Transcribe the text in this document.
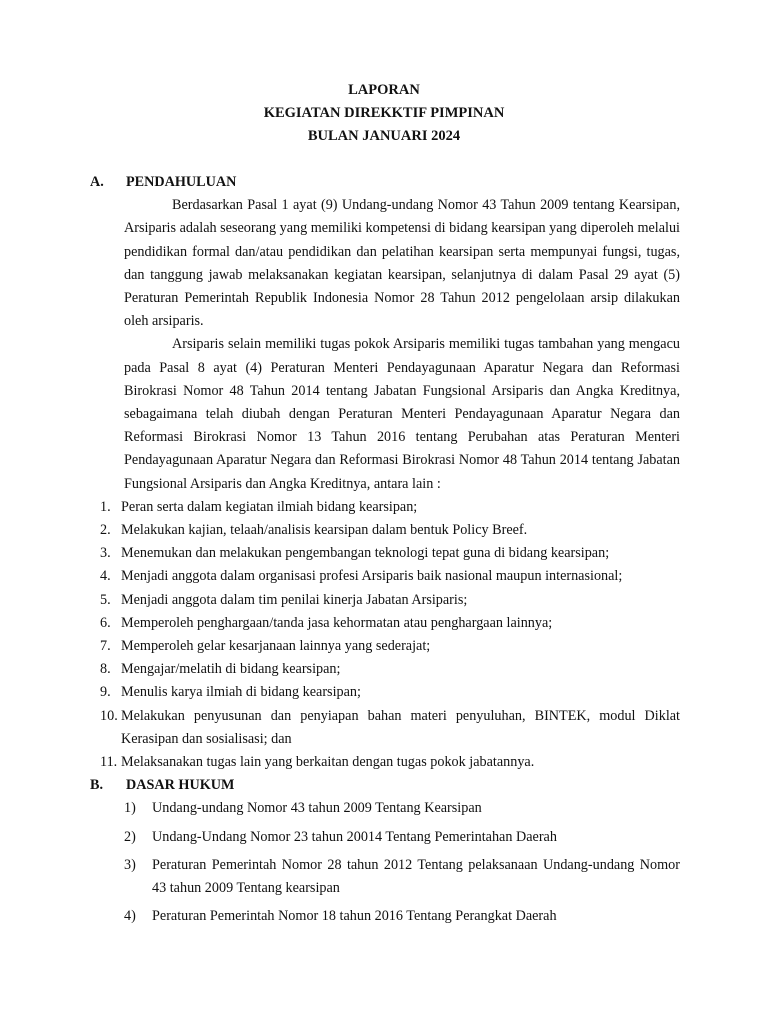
LAPORAN
KEGIATAN DIREKKTIF PIMPINAN
BULAN JANUARI 2024
A.	PENDAHULUAN

Berdasarkan Pasal 1 ayat (9) Undang-undang Nomor 43 Tahun 2009 tentang Kearsipan, Arsiparis adalah seseorang yang memiliki kompetensi di bidang kearsipan yang diperoleh melalui pendidikan formal dan/atau pendidikan dan pelatihan kearsipan serta mempunyai fungsi, tugas, dan tanggung jawab melaksanakan kegiatan kearsipan, selanjutnya di dalam Pasal 29 ayat (5) Peraturan Pemerintah Republik Indonesia Nomor 28 Tahun 2012 pengelolaan arsip dilakukan oleh arsiparis.

Arsiparis selain memiliki tugas pokok Arsiparis memiliki tugas tambahan yang mengacu pada Pasal 8 ayat (4) Peraturan Menteri Pendayagunaan Aparatur Negara dan Reformasi Birokrasi Nomor 48 Tahun 2014 tentang Jabatan Fungsional Arsiparis dan Angka Kreditnya, sebagaimana telah diubah dengan Peraturan Menteri Pendayagunaan Aparatur Negara dan Reformasi Birokrasi Nomor 13 Tahun 2016 tentang Perubahan atas Peraturan Menteri Pendayagunaan Aparatur Negara dan Reformasi Birokrasi Nomor 48 Tahun 2014 tentang Jabatan Fungsional Arsiparis dan Angka Kreditnya, antara lain :

1. Peran serta dalam kegiatan ilmiah bidang kearsipan;
2. Melakukan kajian, telaah/analisis kearsipan dalam bentuk Policy Breef.
3. Menemukan dan melakukan pengembangan teknologi tepat guna di bidang kearsipan;
4. Menjadi anggota dalam organisasi profesi Arsiparis baik nasional maupun internasional;
5. Menjadi anggota dalam tim penilai kinerja Jabatan Arsiparis;
6. Memperoleh penghargaan/tanda jasa kehormatan atau penghargaan lainnya;
7. Memperoleh gelar kesarjanaan lainnya yang sederajat;
8. Mengajar/melatih di bidang kearsipan;
9. Menulis karya ilmiah di bidang kearsipan;
10. Melakukan penyusunan dan penyiapan bahan materi penyuluhan, BINTEK, modul Diklat Kerasipan dan sosialisasi; dan
11. Melaksanakan tugas lain yang berkaitan dengan tugas pokok jabatannya.
B.	DASAR HUKUM
1)	Undang-undang Nomor 43 tahun 2009 Tentang Kearsipan
2)	Undang-Undang Nomor 23 tahun 20014 Tentang Pemerintahan Daerah
3)	Peraturan Pemerintah Nomor 28 tahun 2012 Tentang pelaksanaan Undang-undang Nomor 43 tahun 2009 Tentang kearsipan
4)	Peraturan Pemerintah Nomor 18 tahun 2016 Tentang Perangkat Daerah
